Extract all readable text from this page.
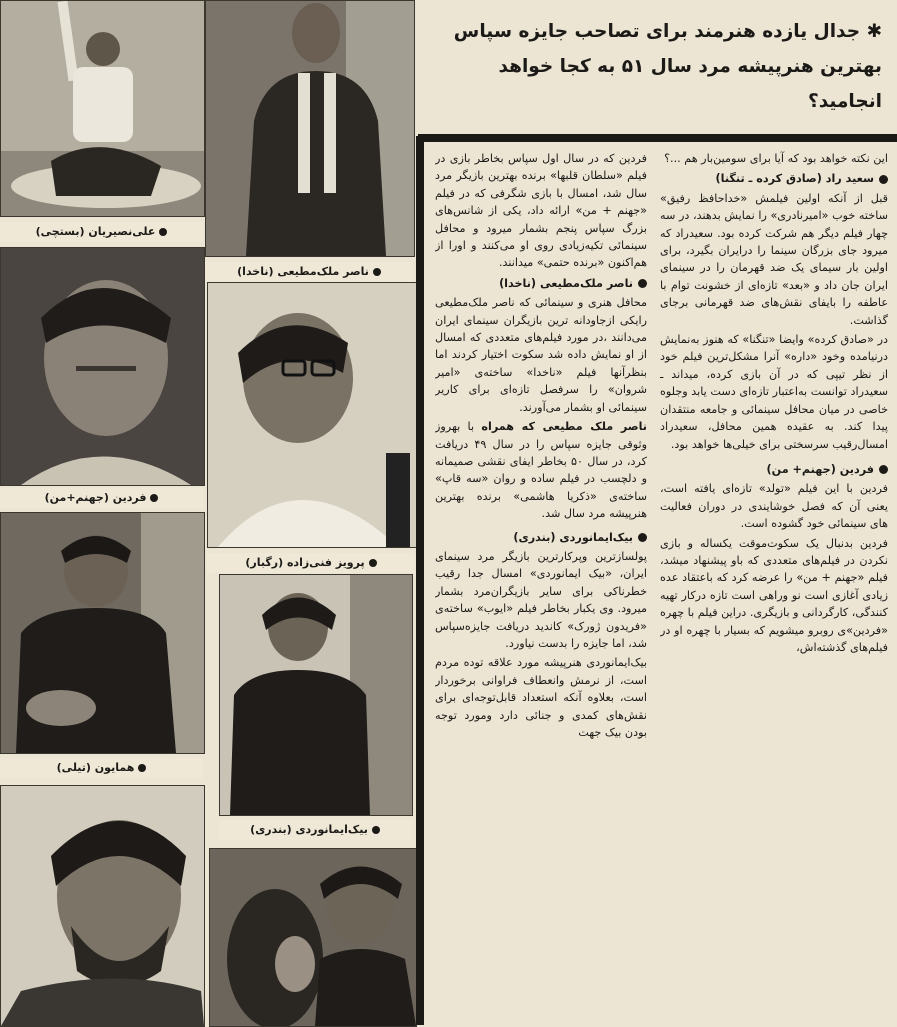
علی‌نصیریان (بستچی)
ناصر ملک‌مطیعی (ناخدا)
فردین (جهنم+من)
پرویز فنی‌زاده (رگبار)
همایون (تیلی)
بیک‌ایمانوردی (بندری)
✱ جدال یازده هنرمند برای تصاحب جایزه سپاس بهترین هنرپیشه مرد سال ۵۱ به کجا خواهد انجامید؟

این نکته خواهد بود که آیا برای سومین‌بار هم ...؟

سعید راد (صادق کرده ـ تنگنا)

قبل از آنکه اولین فیلمش «خداحافظ رفیق» ساخته خوب «امیرنادری» را نمایش بدهند، در سه چهار فیلم دیگر هم شرکت کرده بود. سعیدراد که میرود جای بزرگان سینما را درایران بگیرد، برای اولین بار سیمای یک ضد قهرمان را در سینمای ایران جان داد و «بعد» تازه‌ای از خشونت توام با عاطفه را بایفای نقش‌های ضد قهرمانی برجای گذاشت.

در «صادق کرده» وایضا «تنگنا» که هنوز به‌نمایش درنیامده وخود «داره» آنرا مشکل‌ترین فیلم خود از نظر تیپی که در آن بازی کرده، میداند ـ سعیدراد توانست به‌اعتبار تازه‌ای دست یابد وجلوه خاصی در میان محافل سینمائی و جامعه منتقدان پیدا کند. به عقیده همین محافل، سعیدراد امسال‌رقیب سرسختی برای خیلی‌ها خواهد بود.

فردین (جهنم+ من)

فردین با این فیلم «تولد» تازه‌ای یافته است، یعنی آن که فصل خوشایندی در دوران فعالیت های سینمائی خود گشوده است.

فردین بدنبال یک سکوت‌موقت یکساله و بازی نکردن در فیلم‌های متعددی که باو پیشنهاد میشد، فیلم «جهنم + من» را عرضه کرد که باعتقاد عده زیادی آغازی است نو وراهی است تازه درکار تهیه کنندگی، کارگردانی و بازیگری. دراین فیلم با چهره «فردین»ی روبرو میشویم که بسیار با چهره او در فیلم‌های گذشته‌اش،

فردین که در سال اول سپاس بخاطر بازی در فیلم «سلطان قلبها» برنده بهترین بازیگر مرد سال شد، امسال با بازی شگرفی که در فیلم «جهنم + من» ارائه داد، یکی از شانس‌های بزرگ سپاس پنجم بشمار میرود و محافل سینمائی تکیه‌زیادی روی او می‌کنند و اورا از هم‌اکنون «برنده حتمی» میدانند.

ناصر ملک‌مطیعی (ناخدا)

محافل هنری و سینمائی که ناصر ملک‌مطیعی رایکی ازجاودانه ترین بازیگران سینمای ایران می‌دانند ،در مورد فیلم‌های متعددی که امسال از او نمایش داده شد سکوت اختیار کردند اما بنظرآنها فیلم «ناخدا» ساخته‌ی «امیر شروان» را سرفصل تازه‌ای برای کاریر سینمائی او بشمار می‌آورند.

ناصر ملک مطیعی که همراه با بهروز وثوقی جایزه سپاس را در سال ۴۹ دریافت کرد، در سال ۵۰ بخاطر ایفای نقشی صمیمانه و دلچسب در فیلم ساده و روان «سه قاپ» ساخته‌ی «ذکریا هاشمی» برنده بهترین هنرپیشه مرد سال شد.

بیک‌ایمانوردی (بندری)

پولسازترین وپرکارترین بازیگر مرد سینمای ایران، «بیک ایمانوردی» امسال جدا رقیب خطرناکی برای سایر بازیگران‌مرد بشمار میرود. وی یکبار بخاطر فیلم «ایوب» ساخته‌ی «فریدون ژورک» کاندید دریافت جایزه‌سپاس شد، اما جایزه را بدست نیاورد.

بیک‌ایمانوردی هنرپیشه مورد علاقه توده مردم است، از نرمش وانعطاف فراوانی برخوردار است، بعلاوه آنکه استعداد قابل‌توجه‌ای برای نقش‌های کمدی و جنائی دارد ومورد توجه بودن بیک جهت
